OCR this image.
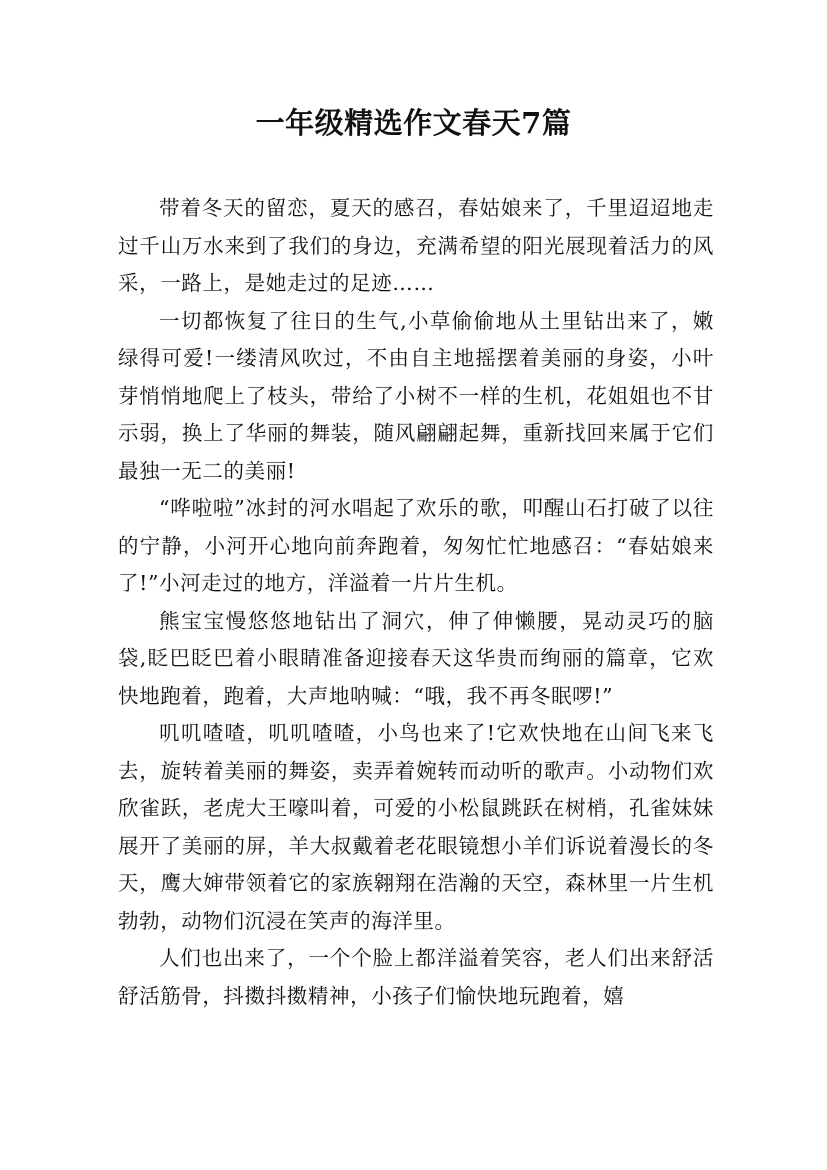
一年级精选作文春天7篇

带着冬天的留恋，夏天的感召，春姑娘来了，千里迢迢地走过千山万水来到了我们的身边，充满希望的阳光展现着活力的风采，一路上，是她走过的足迹……

一切都恢复了往日的生气,小草偷偷地从土里钻出来了，嫩绿得可爱!一缕清风吹过，不由自主地摇摆着美丽的身姿，小叶芽悄悄地爬上了枝头，带给了小树不一样的生机，花姐姐也不甘示弱，换上了华丽的舞装，随风翩翩起舞，重新找回来属于它们最独一无二的美丽!

“哗啦啦”冰封的河水唱起了欢乐的歌，叩醒山石打破了以往的宁静，小河开心地向前奔跑着，匆匆忙忙地感召：“春姑娘来了!”小河走过的地方，洋溢着一片片生机。

熊宝宝慢悠悠地钻出了洞穴，伸了伸懒腰，晃动灵巧的脑袋,眨巴眨巴着小眼睛准备迎接春天这华贵而绚丽的篇章，它欢快地跑着，跑着，大声地呐喊：“哦，我不再冬眠啰!”

叽叽喳喳，叽叽喳喳，小鸟也来了!它欢快地在山间飞来飞去，旋转着美丽的舞姿，卖弄着婉转而动听的歌声。小动物们欢欣雀跃，老虎大王嚎叫着，可爱的小松鼠跳跃在树梢，孔雀妹妹展开了美丽的屏，羊大叔戴着老花眼镜想小羊们诉说着漫长的冬天，鹰大婶带领着它的家族翱翔在浩瀚的天空，森林里一片生机勃勃，动物们沉浸在笑声的海洋里。

人们也出来了，一个个脸上都洋溢着笑容，老人们出来舒活舒活筋骨，抖擞抖擞精神，小孩子们愉快地玩跑着，嬉
